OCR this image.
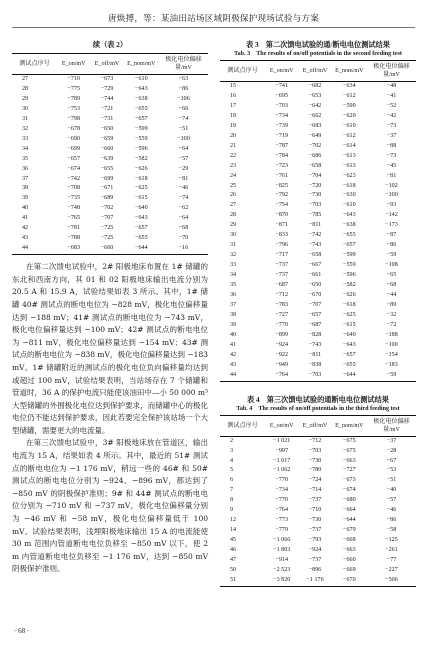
唐焕搏，等：某油田站场区域阴极保护现场试验与方案
续（表 2）
测试点序号	E_on/mV	E_off/mV	E_nom/mV	极化电位偏移量/mV
27	−710	−673	−610	−63
28	−775	−729	−643	−86
29	−789	−744	−638	−106
30	−753	−721	−655	−66
31	−798	−731	−657	−74
32	−678	−650	−599	−51
33	−690	−659	−559	−100
34	−699	−660	−596	−64
35	−657	−639	−582	−57
36	−674	−655	−626	−29
37	−742	−699	−618	−81
38	−708	−671	−625	−46
39	−735	−689	−615	−74
40	−748	−702	−640	−62
41	−765	−707	−643	−64
42	−781	−725	−657	−68
43	−788	−725	−655	−70
44	−683	−660	−644	−16

在第二次馈电试验中，2# 阳极地床布置在 1# 储罐的东北和西南方向，其 01 和 02 阳极地床输出电流分别为 20.5 A 和 15.9 A，试验结果如表 3 所示。其中，1# 储罐 40# 测试点的断电电位为 −828 mV，极化电位偏移量达到 −188 mV；41# 测试点的断电电位为 −743 mV，极化电位偏移量达到 −100 mV；42# 测试点的断电电位为 −811 mV，极化电位偏移量达到 −154 mV；43# 测试点的断电电位为 −838 mV，极化电位偏移量达到 −183 mV。1# 储罐附近的测试点的极化电位负向偏移量均达到或超过 100 mV，试验结果表明，当站场存在 7 个储罐和管道时，36 A 的保护电流只能使该油田中—小 50 000 m³ 大型储罐的外围极化电位达到保护要求，而储罐中心的极化电位仍不能达到保护要求，因此若要完全保护该站场一个大型储罐，需要更大的电流量。

在第三次馈电试验中，3# 阳极地床放在管道区，输出电流为 15 A，结果如表 4 所示。其中，最近的 51# 测试点的断电电位为 −1 176 mV，稍远一些的 46# 和 50# 测试点的断电电位分别为 −924、−896 mV，都达到了 −850 mV 的阴极保护准则；9# 和 44# 测试点的断电电位分别为 −710 mV 和 −737 mV，极化电位偏移量分别为 −46 mV 和 −58 mV，极化电位偏移量低于 100 mV。试验结果表明，浅埋阳极地床输出 15 A 的电流能使 30 m 范围内管道断电电位负移至 −850 mV 以下，使 2 m 内管道断电电位负移至 −1 176 mV，达到 −850 mV 阴极保护准则。

表 3　第二次馈电试验的通/断电电位测试结果
Tab. 3　The results of on/off potentials in the second feeding test
测试点序号	E_on/mV	E_off/mV	E_nom/mV	极化电位偏移量/mV
15	−741	−682	−634	−48
16	−695	−653	−612	−41
17	−703	−642	−590	−52
18	−734	−662	−620	−42
19	−739	−683	−610	−73
20	−719	−649	−612	−37
21	−787	−702	−614	−88
22	−784	−686	−613	−73
23	−723	−658	−613	−45
24	−761	−704	−623	−81
25	−825	−720	−618	−102
26	−792	−730	−630	−100
27	−754	−703	−610	−93
28	−870	−785	−643	−142
29	−871	−811	−638	−173
30	−833	−742	−655	−87
31	−796	−743	−657	−86
32	−717	−658	−599	−59
33	−737	−667	−559	−108
34	−737	−661	−596	−65
35	−687	−650	−582	−68
36	−712	−670	−626	−44
37	−783	−707	−618	−89
38	−727	−657	−625	−32
39	−770	−687	−615	−72
40	−899	−828	−640	−188
41	−924	−743	−643	−100
42	−922	−811	−657	−154
43	−949	−838	−655	−183
44	−764	−703	−644	−59
表 4　第三次馈电试验的通断电电位测试结果
Tab. 4　The results of on/off potentials in the third feeding test
测试点序号	E_on/mV	E_off/mV	E_nom/mV	极化电位偏移量/mV
2	−1 021	−712	−675	−37
3	−997	−703	−675	−28
4	−1 017	−730	−663	−67
5	−1 062	−780	−727	−53
6	−770	−724	−673	−51
7	−734	−714	−674	−40
8	−770	−737	−680	−57
9	−764	−710	−664	−46
12	−773	−730	−644	−86
14	−779	−737	−679	−58
45	−1 066	−793	−668	−125
46	−1 803	−924	−663	−261
47	−914	−737	−660	−77
50	−2 523	−896	−669	−227
51	−3 820	−1 176	−670	−506
· 68 ·
